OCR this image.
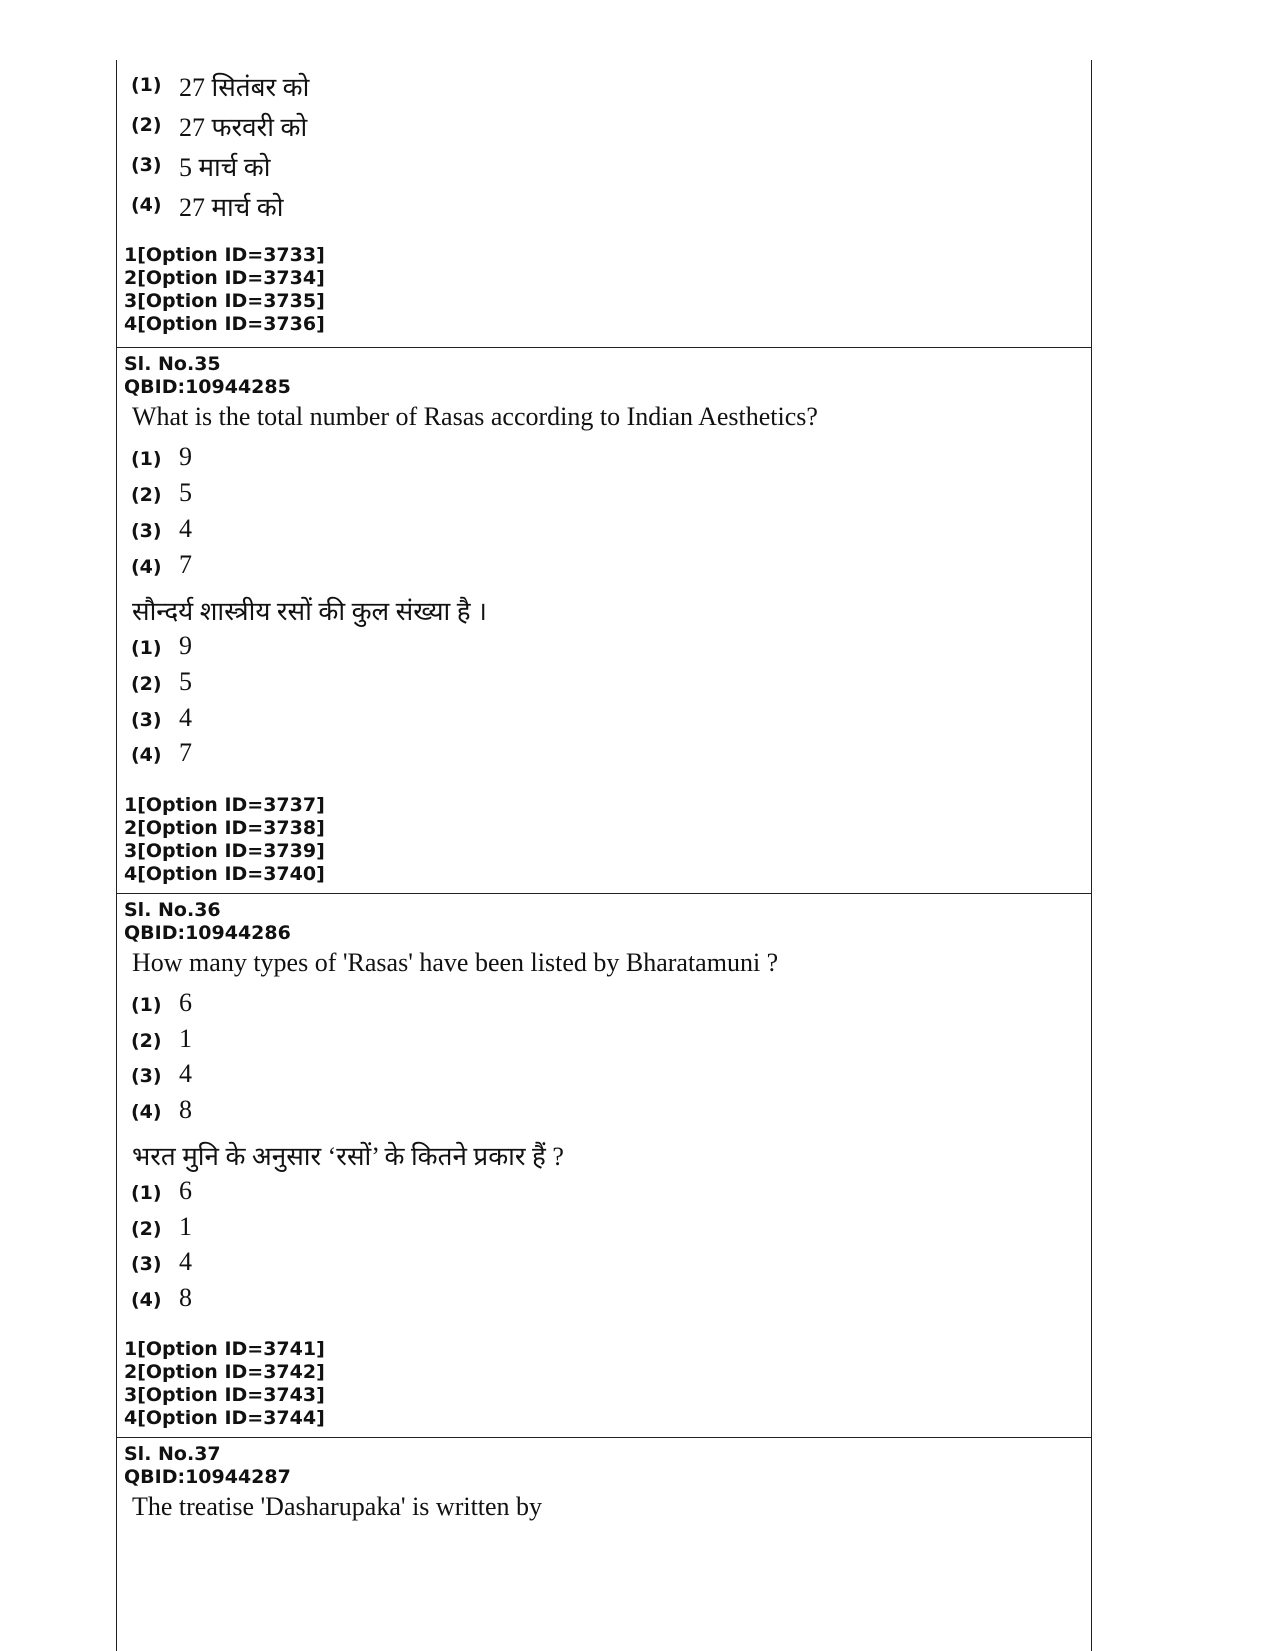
(1) 27 सितंबर को
(2) 27 फरवरी को
(3) 5 मार्च को
(4) 27 मार्च को
1[Option ID=3733]
2[Option ID=3734]
3[Option ID=3735]
4[Option ID=3736]
Sl. No.35
QBID:10944285
What is the total number of Rasas according to Indian Aesthetics?
(1) 9
(2) 5
(3) 4
(4) 7
सौन्दर्य शास्त्रीय रसों की कुल संख्या है ।
(1) 9
(2) 5
(3) 4
(4) 7
1[Option ID=3737]
2[Option ID=3738]
3[Option ID=3739]
4[Option ID=3740]
Sl. No.36
QBID:10944286
How many types of 'Rasas' have been listed by Bharatamuni ?
(1) 6
(2) 1
(3) 4
(4) 8
भरत मुनि के अनुसार ‘रसों’ के कितने प्रकार हैं ?
(1) 6
(2) 1
(3) 4
(4) 8
1[Option ID=3741]
2[Option ID=3742]
3[Option ID=3743]
4[Option ID=3744]
Sl. No.37
QBID:10944287
The treatise 'Dasharupaka' is written by
